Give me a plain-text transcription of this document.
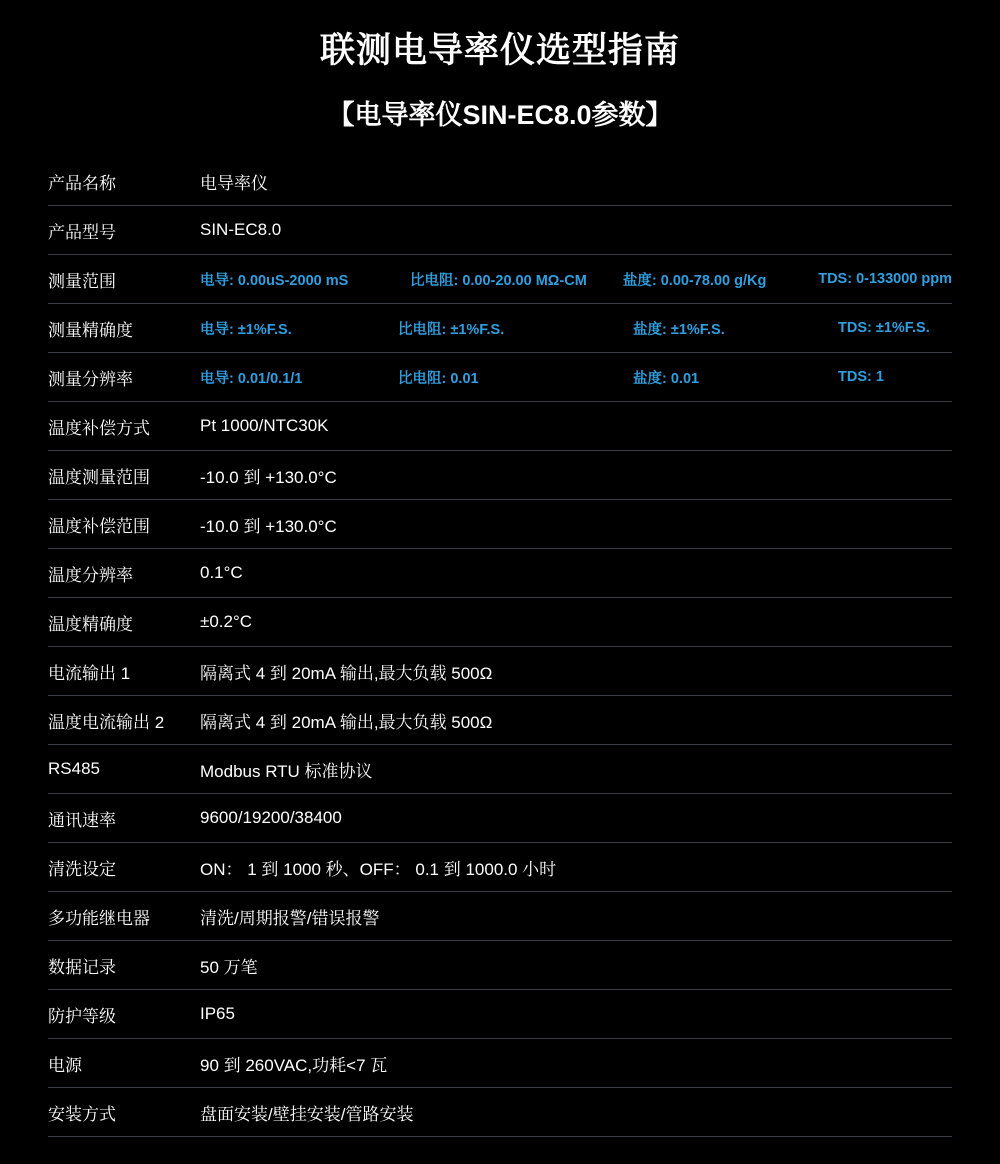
联测电导率仪选型指南
【电导率仪SIN-EC8.0参数】
产品名称	电导率仪
产品型号	SIN-EC8.0
测量范围	电导: 0.00uS-2000 mS 比电阻: 0.00-20.00 MΩ-CM 盐度: 0.00-78.00 g/Kg TDS: 0-133000 ppm

测量精确度	电导: ±1%F.S. 比电阻: ±1%F.S. 盐度: ±1%F.S. TDS: ±1%F.S.

测量分辨率	电导: 0.01/0.1/1 比电阻: 0.01 盐度: 0.01 TDS: 1

温度补偿方式	Pt 1000/NTC30K
温度测量范围	-10.0 到 +130.0°C
温度补偿范围	-10.0 到 +130.0°C
温度分辨率	0.1°C
温度精确度	±0.2°C
电流输出 1	隔离式 4 到 20mA 输出,最大负载 500Ω
温度电流输出 2	隔离式 4 到 20mA 输出,最大负载 500Ω
RS485	Modbus RTU 标准协议
通讯速率	9600/19200/38400
清洗设定	ON： 1 到 1000 秒、OFF： 0.1 到 1000.0 小时
多功能继电器	清洗/周期报警/错误报警
数据记录	50 万笔
防护等级	IP65
电源	90 到 260VAC,功耗<7 瓦
安装方式	盘面安装/壁挂安装/管路安装
